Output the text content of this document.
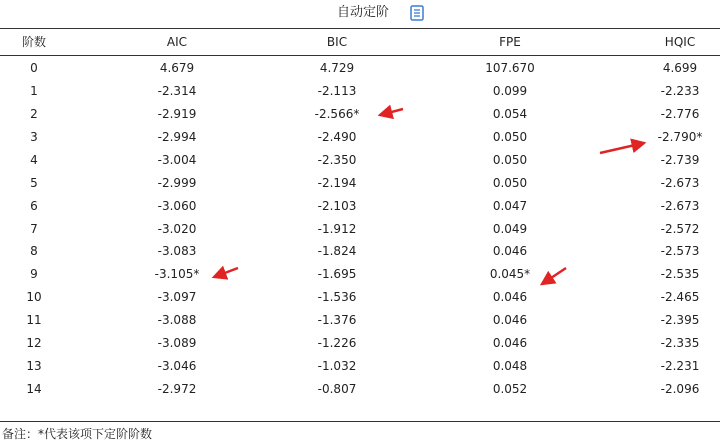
自动定阶
阶数	AIC	BIC	FPE	HQIC
0	4.679	4.729	107.670	4.699
1	-2.314	-2.113	0.099	-2.233
2	-2.919	-2.566*	0.054	-2.776
3	-2.994	-2.490	0.050	-2.790*
4	-3.004	-2.350	0.050	-2.739
5	-2.999	-2.194	0.050	-2.673
6	-3.060	-2.103	0.047	-2.673
7	-3.020	-1.912	0.049	-2.572
8	-3.083	-1.824	0.046	-2.573
9	-3.105*	-1.695	0.045*	-2.535
10	-3.097	-1.536	0.046	-2.465
11	-3.088	-1.376	0.046	-2.395
12	-3.089	-1.226	0.046	-2.335
13	-3.046	-1.032	0.048	-2.231
14	-2.972	-0.807	0.052	-2.096
备注：*代表该项下定阶阶数
